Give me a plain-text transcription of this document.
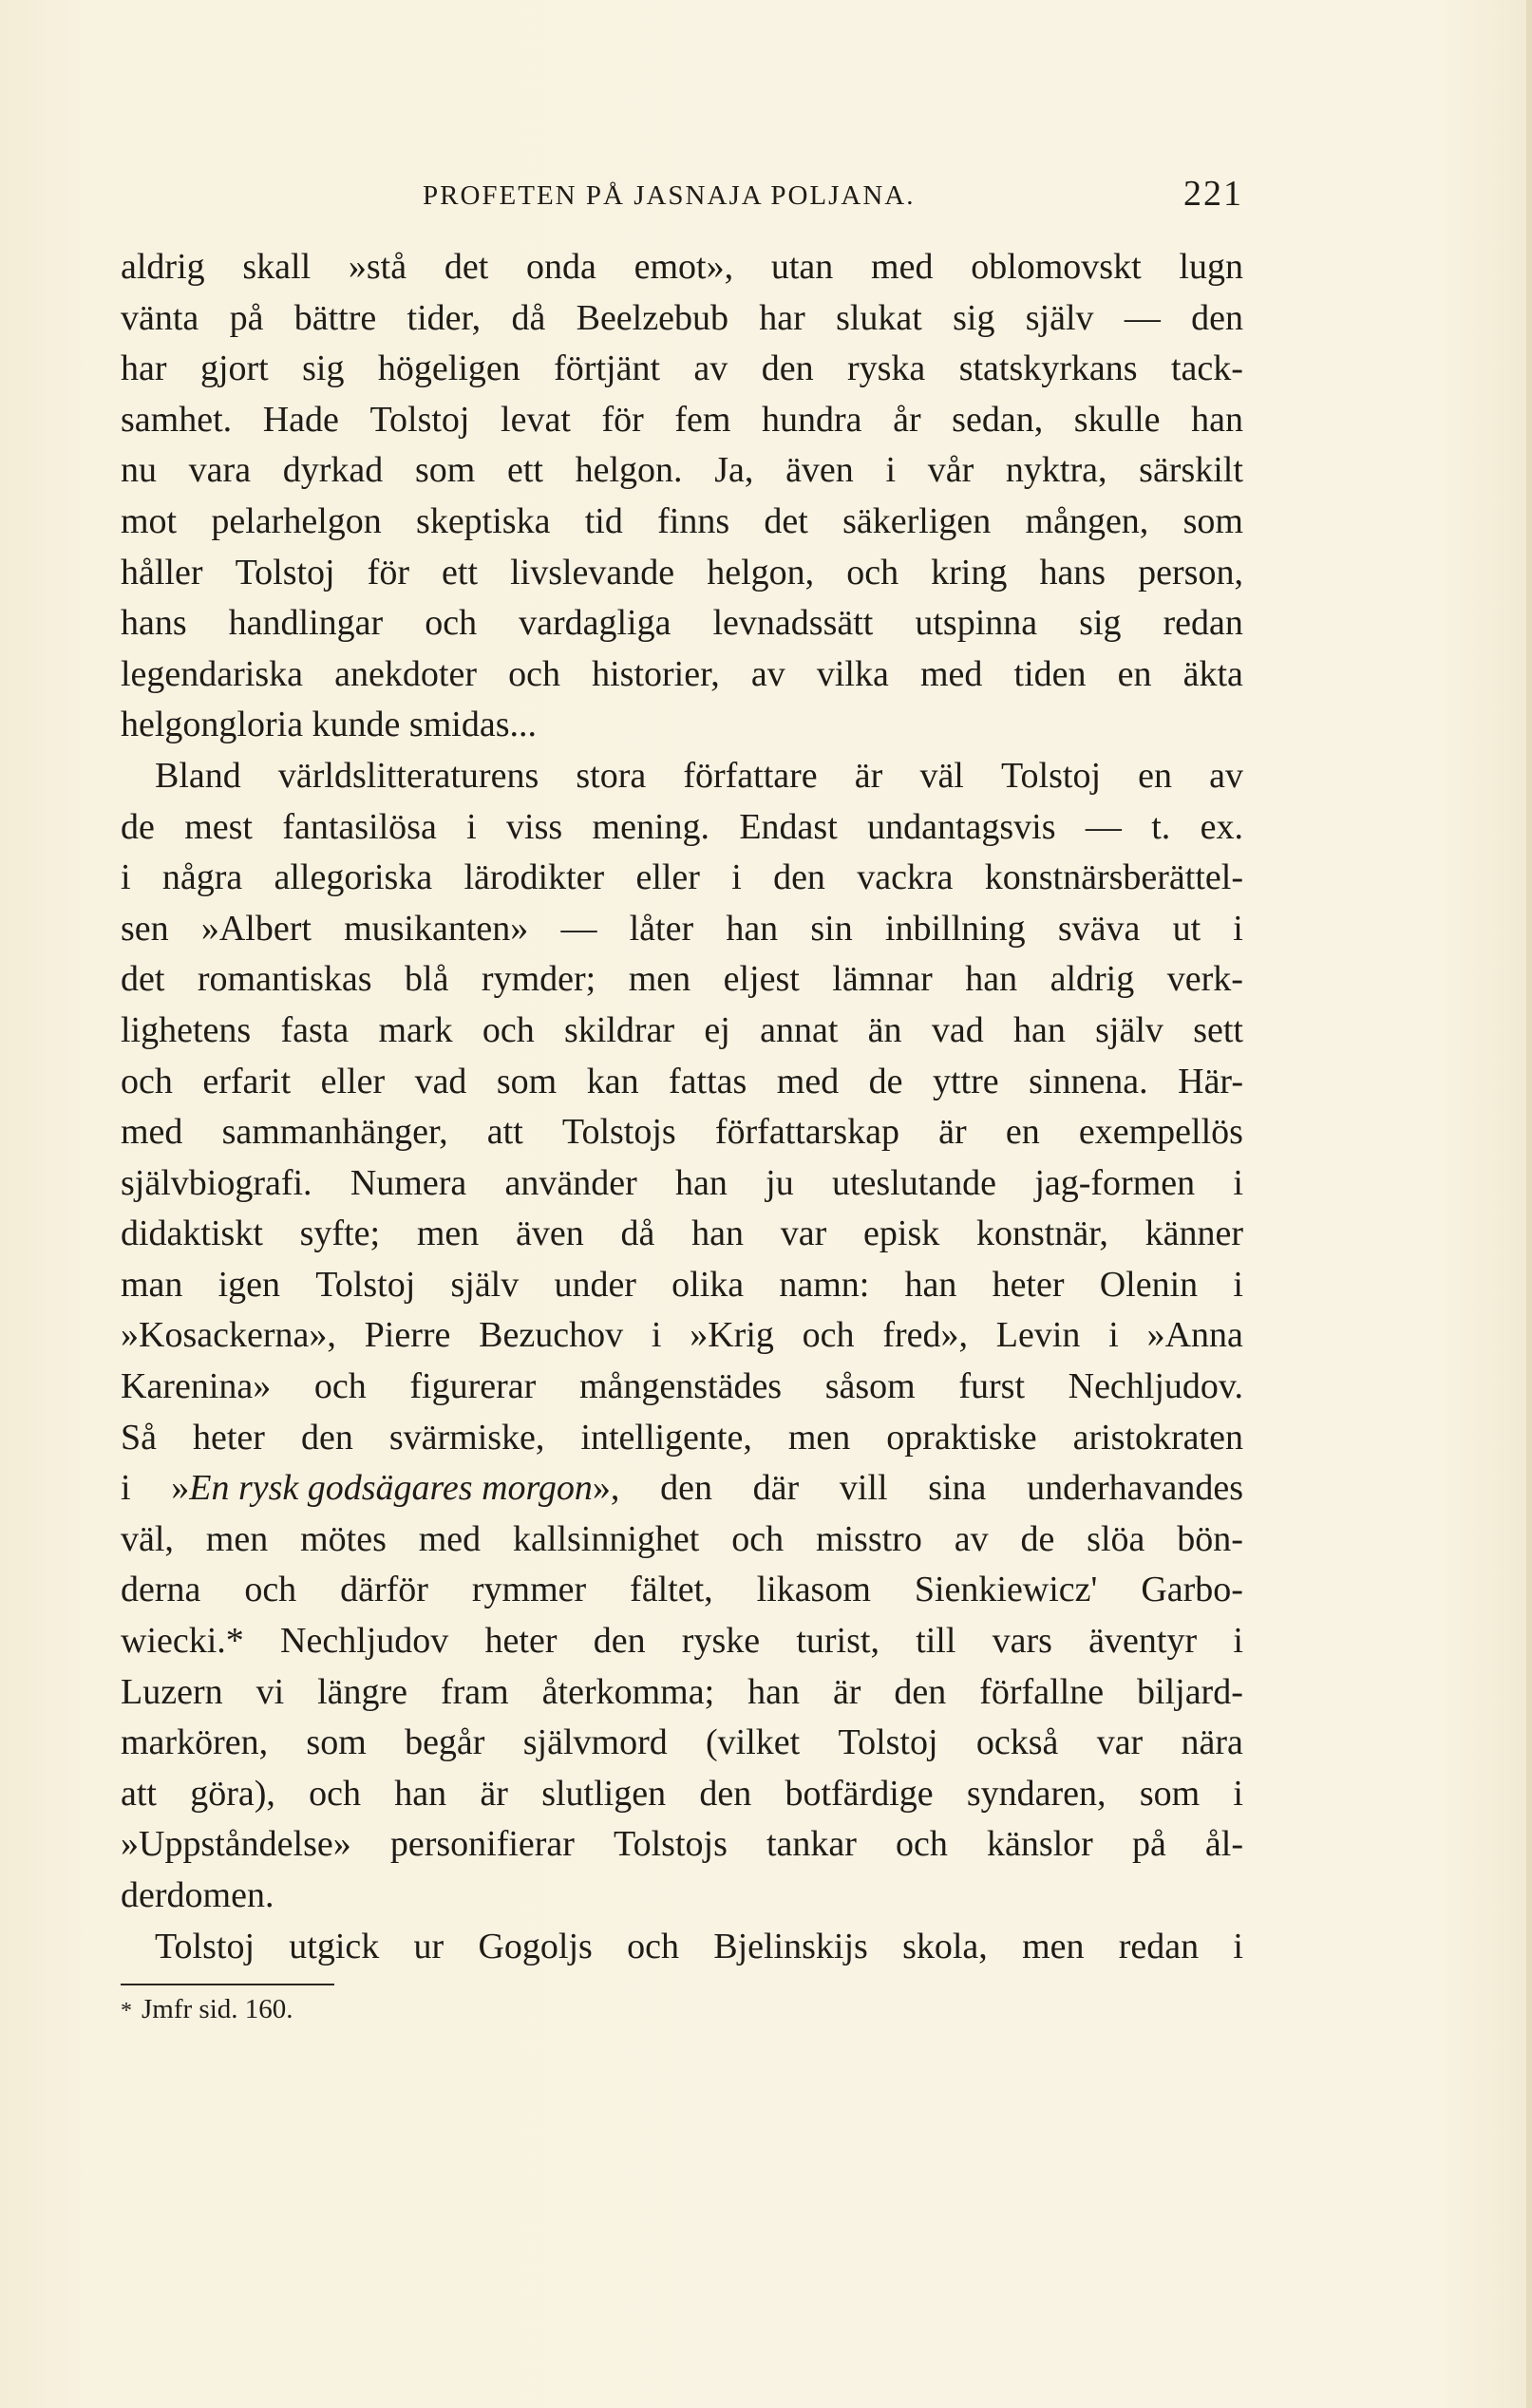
PROFETEN PÅ JASNAJA POLJANA.	221
aldrig skall »stå det onda emot», utan med oblomovskt lugn
vänta på bättre tider, då Beelzebub har slukat sig själv — den
har gjort sig högeligen förtjänt av den ryska statskyrkans tack-
samhet. Hade Tolstoj levat för fem hundra år sedan, skulle han
nu vara dyrkad som ett helgon. Ja, även i vår nyktra, särskilt
mot pelarhelgon skeptiska tid finns det säkerligen mången, som
håller Tolstoj för ett livslevande helgon, och kring hans person,
hans handlingar och vardagliga levnadssätt utspinna sig redan
legendariska anekdoter och historier, av vilka med tiden en äkta
helgongloria kunde smidas...
Bland världslitteraturens stora författare är väl Tolstoj en av
de mest fantasilösa i viss mening. Endast undantagsvis — t. ex.
i några allegoriska lärodikter eller i den vackra konstnärsberättel-
sen »Albert musikanten» — låter han sin inbillning sväva ut i
det romantiskas blå rymder; men eljest lämnar han aldrig verk-
lighetens fasta mark och skildrar ej annat än vad han själv sett
och erfarit eller vad som kan fattas med de yttre sinnena. Här-
med sammanhänger, att Tolstojs författarskap är en exempellös
självbiografi. Numera använder han ju uteslutande jag-formen i
didaktiskt syfte; men även då han var episk konstnär, känner
man igen Tolstoj själv under olika namn: han heter Olenin i
»Kosackerna», Pierre Bezuchov i »Krig och fred», Levin i »Anna
Karenina» och figurerar mångenstädes såsom furst Nechljudov.
Så heter den svärmiske, intelligente, men opraktiske aristokraten
i »En rysk godsägares morgon», den där vill sina underhavandes
väl, men mötes med kallsinnighet och misstro av de slöa bön-
derna och därför rymmer fältet, likasom Sienkiewicz' Garbo-
wiecki.* Nechljudov heter den ryske turist, till vars äventyr i
Luzern vi längre fram återkomma; han är den förfallne biljard-
markören, som begår självmord (vilket Tolstoj också var nära
att göra), och han är slutligen den botfärdige syndaren, som i
»Uppståndelse» personifierar Tolstojs tankar och känslor på ål-
derdomen.
Tolstoj utgick ur Gogoljs och Bjelinskijs skola, men redan i
* Jmfr sid. 160.
